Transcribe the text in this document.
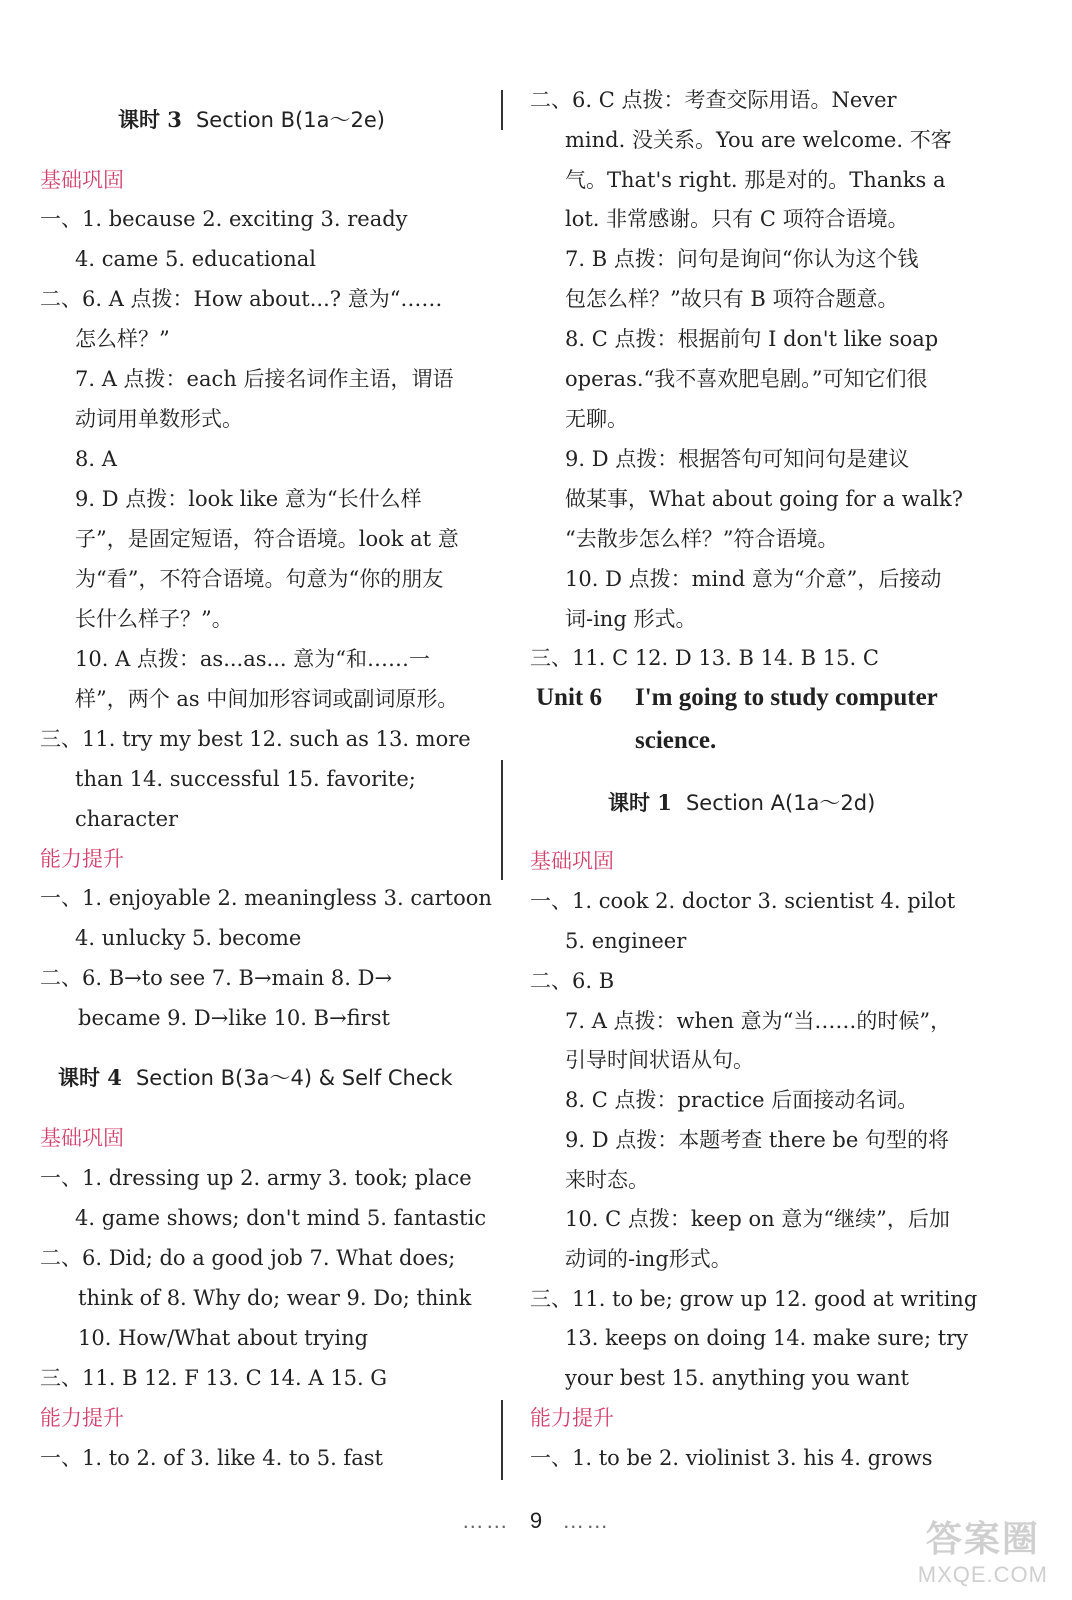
课时 3 Section B(1a～2e)
基础巩固
一、1. because 2. exciting 3. ready
4. came 5. educational
二、6. A 点拨：How about...? 意为“……
怎么样？”
7. A 点拨：each 后接名词作主语，谓语
动词用单数形式。
8. A
9. D 点拨：look like 意为“长什么样
子”，是固定短语，符合语境。look at 意
为“看”，不符合语境。句意为“你的朋友
长什么样子？”。
10. A 点拨：as...as... 意为“和……一
样”，两个 as 中间加形容词或副词原形。
三、11. try my best 12. such as 13. more
than 14. successful 15. favorite;
character
能力提升
一、1. enjoyable 2. meaningless 3. cartoon
4. unlucky 5. become
二、6. B→to see 7. B→main 8. D→
became 9. D→like 10. B→first
课时 4 Section B(3a～4) & Self Check
基础巩固
一、1. dressing up 2. army 3. took; place
4. game shows; don't mind 5. fantastic
二、6. Did; do a good job 7. What does;
think of 8. Why do; wear 9. Do; think
10. How/What about trying
三、11. B 12. F 13. C 14. A 15. G
能力提升
一、1. to 2. of 3. like 4. to 5. fast
二、6. C 点拨：考查交际用语。Never
mind. 没关系。You are welcome. 不客
气。That's right. 那是对的。Thanks a
lot. 非常感谢。只有 C 项符合语境。
7. B 点拨：问句是询问“你认为这个钱
包怎么样？”故只有 B 项符合题意。
8. C 点拨：根据前句 I don't like soap
operas.“我不喜欢肥皂剧。”可知它们很
无聊。
9. D 点拨：根据答句可知问句是建议
做某事，What about going for a walk?
“去散步怎么样？”符合语境。
10. D 点拨：mind 意为“介意”，后接动
词-ing 形式。
三、11. C 12. D 13. B 14. B 15. C
Unit 6 I'm going to study computer
science.
课时 1 Section A(1a～2d)
基础巩固
一、1. cook 2. doctor 3. scientist 4. pilot
5. engineer
二、6. B
7. A 点拨：when 意为“当……的时候”，
引导时间状语从句。
8. C 点拨：practice 后面接动名词。
9. D 点拨：本题考查 there be 句型的将
来时态。
10. C 点拨：keep on 意为“继续”，后加
动词的-ing形式。
三、11. to be; grow up 12. good at writing
13. keeps on doing 14. make sure; try
your best 15. anything you want
能力提升
一、1. to be 2. violinist 3. his 4. grows
…… 9 ……	答案圈
MXQE.COM
